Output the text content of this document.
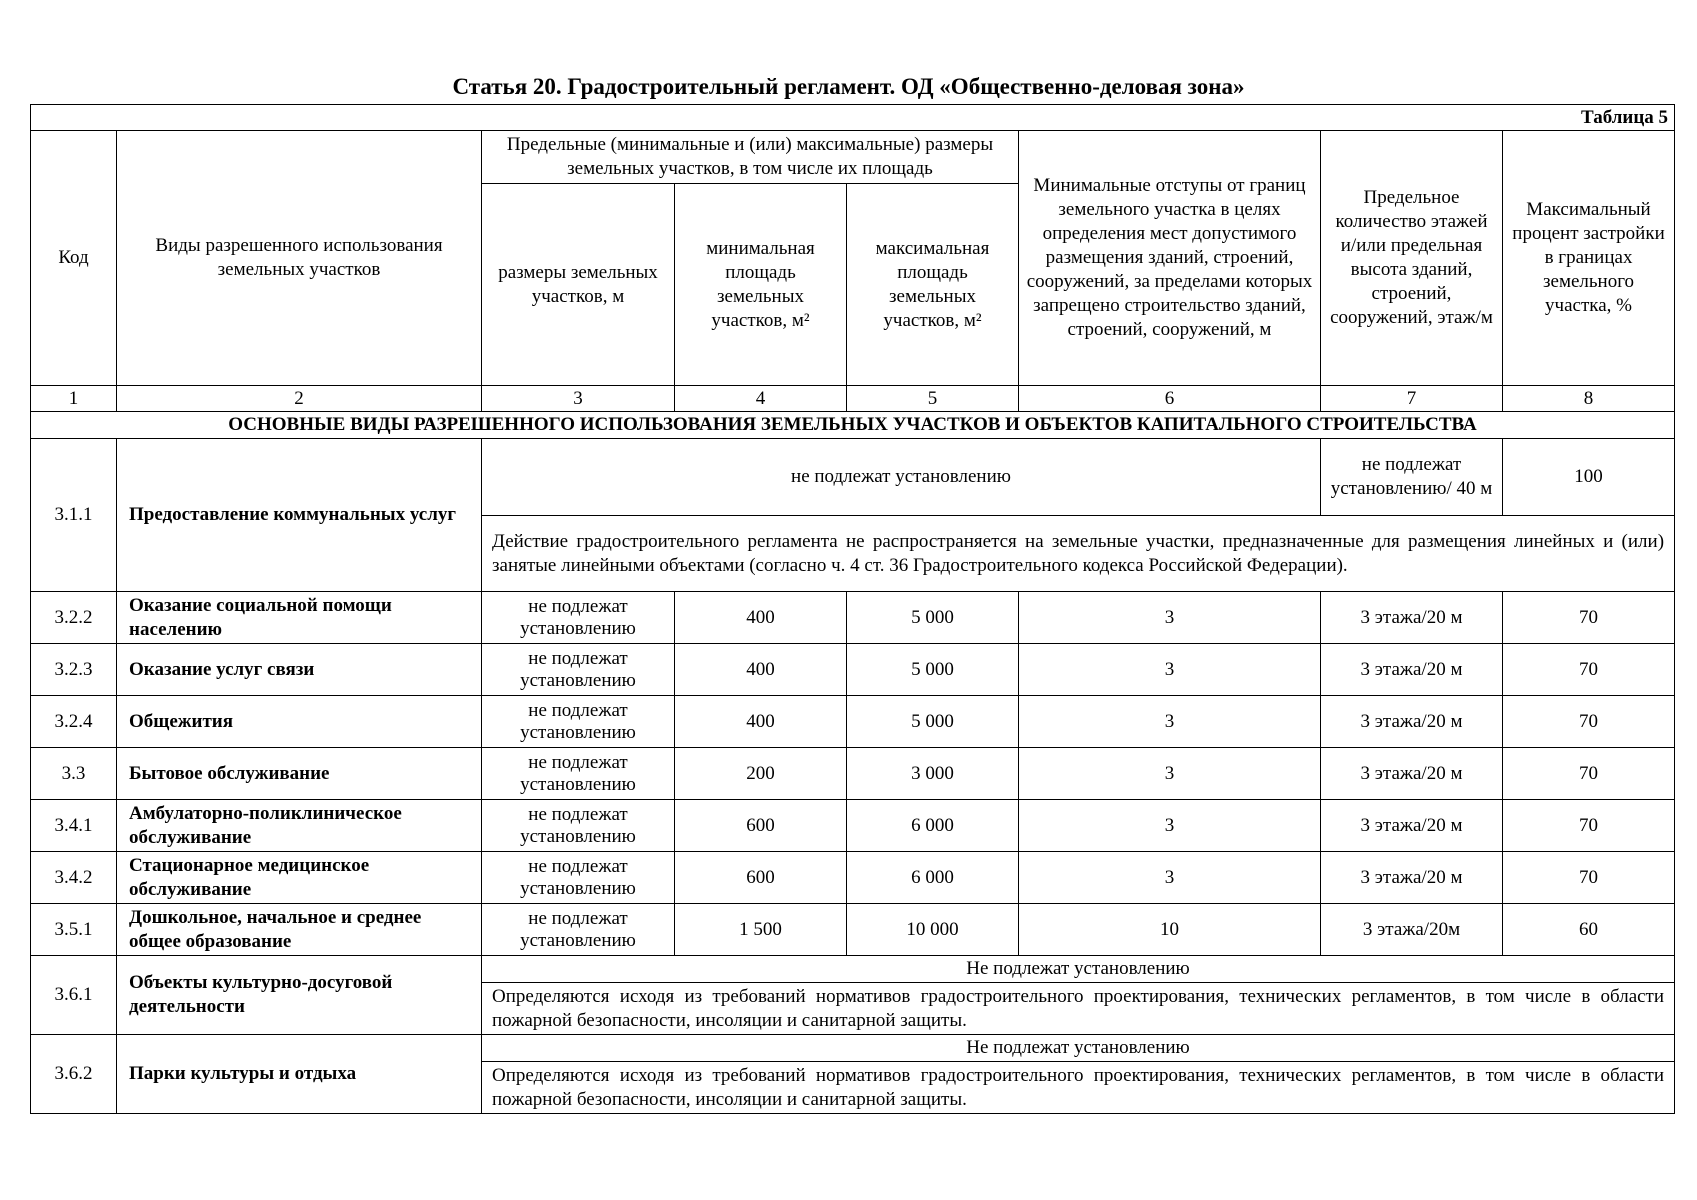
Статья 20. Градостроительный регламент. ОД «Общественно-деловая зона»
Таблица 5							
Код	Виды разрешенного использования земельных участков	Предельные (минимальные и (или) максимальные) размеры земельных участков, в том числе их площадь			Минимальные отступы от границ земельного участка в целях определения мест допустимого размещения зданий, строений, сооружений, за пределами которых запрещено строительство зданий, строений, сооружений, м	Предельное количество этажей и/или предельная высота зданий, строений, сооружений, этаж/м	Максимальный процент застройки в границах земельного участка, %
		размеры земельных участков, м	минимальная площадь земельных участков, м²	максимальная площадь земельных участков, м²			
1	2	3	4	5	6	7	8
ОСНОВНЫЕ ВИДЫ РАЗРЕШЕННОГО ИСПОЛЬЗОВАНИЯ ЗЕМЕЛЬНЫХ УЧАСТКОВ И ОБЪЕКТОВ КАПИТАЛЬНОГО СТРОИТЕЛЬСТВА							
3.1.1	Предоставление коммунальных услуг	не подлежат установлению				не подлежат установлению/ 40 м	100
		Действие градостроительного регламента не распространяется на земельные участки, предназначенные для размещения линейных и (или) занятые линейными объектами (согласно ч. 4 ст. 36 Градостроительного кодекса Российской Федерации).					
3.2.2	Оказание социальной помощи населению	не подлежат установлению	400	5 000	3	3 этажа/20 м	70
3.2.3	Оказание услуг связи	не подлежат установлению	400	5 000	3	3 этажа/20 м	70
3.2.4	Общежития	не подлежат установлению	400	5 000	3	3 этажа/20 м	70
3.3	Бытовое обслуживание	не подлежат установлению	200	3 000	3	3 этажа/20 м	70
3.4.1	Амбулаторно-поликлиническое обслуживание	не подлежат установлению	600	6 000	3	3 этажа/20 м	70
3.4.2	Стационарное медицинское обслуживание	не подлежат установлению	600	6 000	3	3 этажа/20 м	70
3.5.1	Дошкольное, начальное и среднее общее образование	не подлежат установлению	1 500	10 000	10	3 этажа/20м	60
3.6.1	Объекты культурно-досуговой деятельности	Не подлежат установлению					
		Определяются исходя из требований нормативов градостроительного проектирования, технических регламентов, в том числе в области пожарной безопасности, инсоляции и санитарной защиты.					
3.6.2	Парки культуры и отдыха	Не подлежат установлению					
		Определяются исходя из требований нормативов градостроительного проектирования, технических регламентов, в том числе в области пожарной безопасности, инсоляции и санитарной защиты.					
